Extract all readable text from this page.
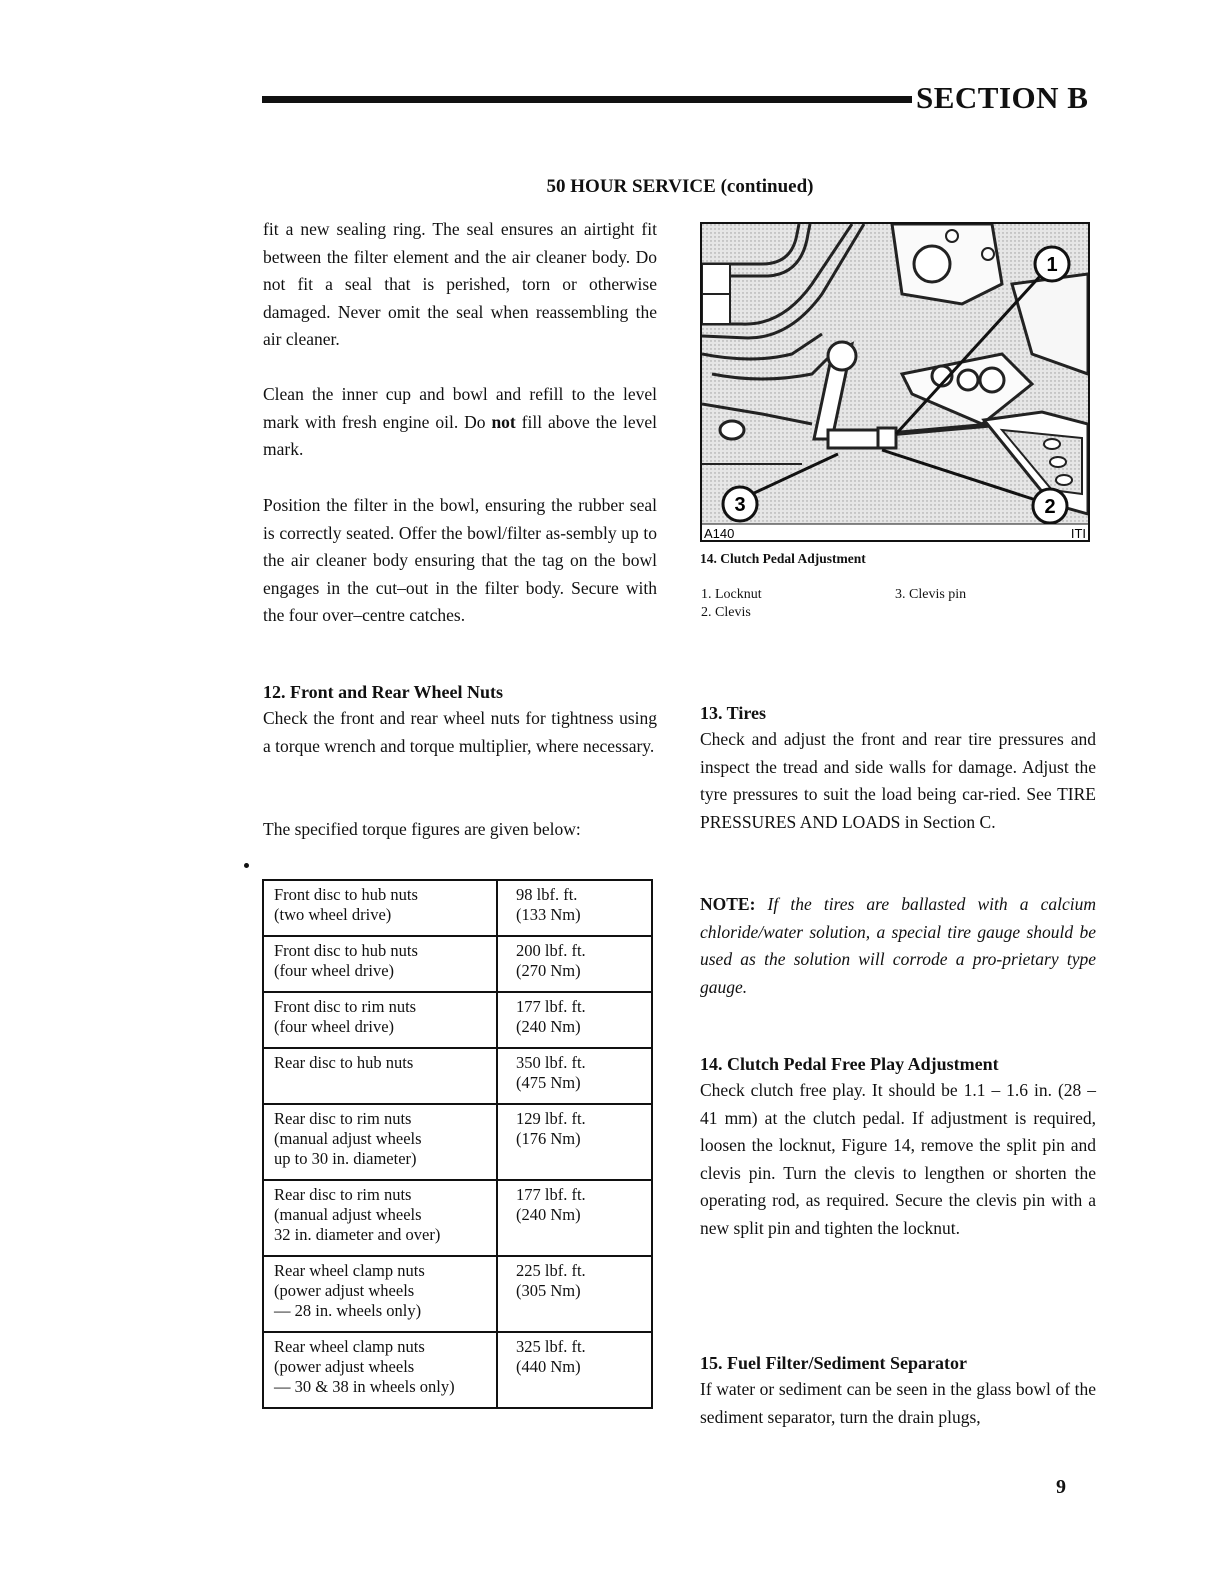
SECTION B
50 HOUR SERVICE (continued)

fit a new sealing ring. The seal ensures an airtight fit between the filter element and the air cleaner body. Do not fit a seal that is perished, torn or otherwise damaged. Never omit the seal when reassembling the air cleaner.

Clean the inner cup and bowl and refill to the level mark with fresh engine oil. Do not fill above the level mark.

Position the filter in the bowl, ensuring the rubber seal is correctly seated. Offer the bowl/filter as-sembly up to the air cleaner body ensuring that the tag on the bowl engages in the cut–out in the filter body. Secure with the four over–centre catches.

12. Front and Rear Wheel Nuts

Check the front and rear wheel nuts for tightness using a torque wrench and torque multiplier, where necessary.

The specified torque figures are given below:

Front disc to hub nuts
(two wheel drive)	98 lbf. ft.
(133 Nm)

Front disc to hub nuts
(four wheel drive)	200 lbf. ft.
(270 Nm)

Front disc to rim nuts
(four wheel drive)	177 lbf. ft.
(240 Nm)

Rear disc to hub nuts	350 lbf. ft.
(475 Nm)

Rear disc to rim nuts
(manual adjust wheels
up to 30 in. diameter)	129 lbf. ft.
(176 Nm)

Rear disc to rim nuts
(manual adjust wheels
32 in. diameter and over)	177 lbf. ft.
(240 Nm)

Rear wheel clamp nuts
(power adjust wheels
— 28 in. wheels only)	225 lbf. ft.
(305 Nm)

Rear wheel clamp nuts
(power adjust wheels
— 30 & 38 in wheels only)	325 lbf. ft.
(440 Nm)
1
2
3
A140	ITI
14. Clutch Pedal Adjustment
1. Locknut
2. Clevis
3. Clevis pin
13. Tires

Check and adjust the front and rear tire pressures and inspect the tread and side walls for damage. Adjust the tyre pressures to suit the load being car-ried. See TIRE PRESSURES AND LOADS in Section C.

NOTE: If the tires are ballasted with a calcium chloride/water solution, a special tire gauge should be used as the solution will corrode a pro-prietary type gauge.

14. Clutch Pedal Free Play Adjustment

Check clutch free play. It should be 1.1 – 1.6 in. (28 – 41 mm) at the clutch pedal. If adjustment is required, loosen the locknut, Figure 14, remove the split pin and clevis pin. Turn the clevis to lengthen or shorten the operating rod, as required. Secure the clevis pin with a new split pin and tighten the locknut.

15. Fuel Filter/Sediment Separator

If water or sediment can be seen in the glass bowl of the sediment separator, turn the drain plugs,

9
